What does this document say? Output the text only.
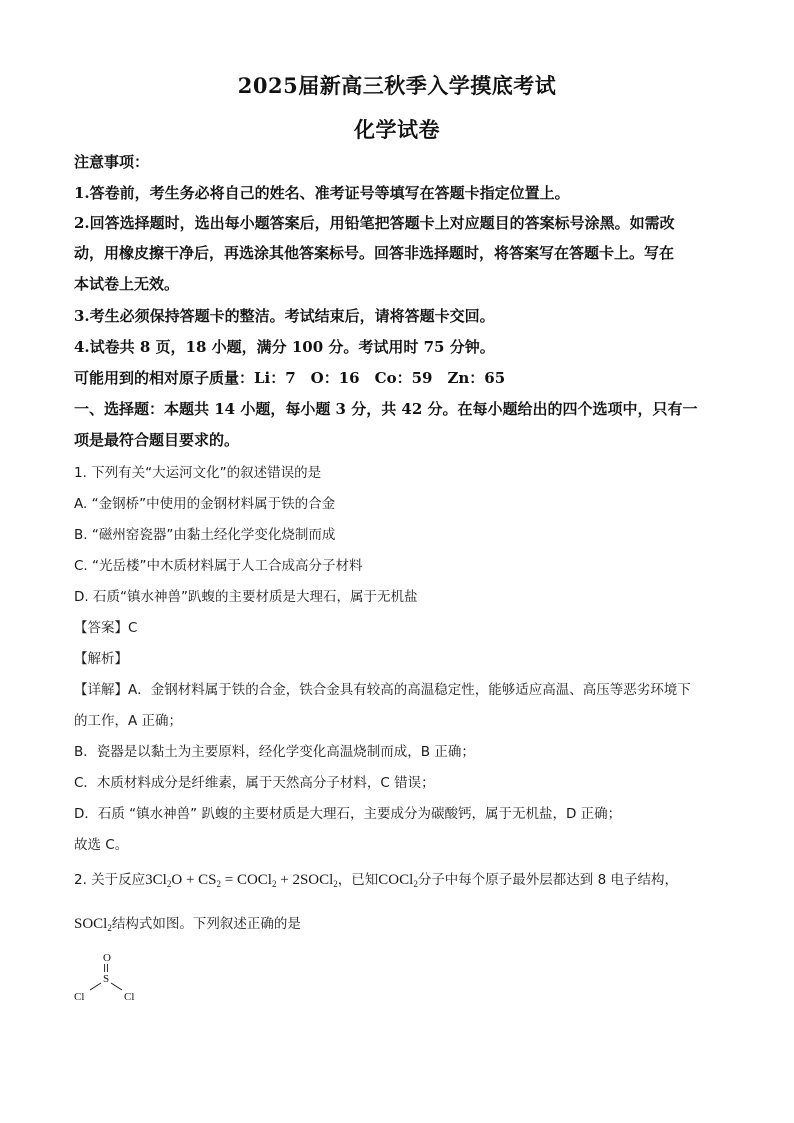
2025届新高三秋季入学摸底考试
化学试卷
注意事项：
1.答卷前，考生务必将自己的姓名、准考证号等填写在答题卡指定位置上。
2.回答选择题时，选出每小题答案后，用铅笔把答题卡上对应题目的答案标号涂黑。如需改
动，用橡皮擦干净后，再选涂其他答案标号。回答非选择题时，将答案写在答题卡上。写在
本试卷上无效。
3.考生必须保持答题卡的整洁。考试结束后，请将答题卡交回。
4.试卷共 8 页，18 小题，满分 100 分。考试用时 75 分钟。
可能用到的相对原子质量：Li：7　O：16　Co：59　Zn：65
一、选择题：本题共 14 小题，每小题 3 分，共 42 分。在每小题给出的四个选项中，只有一
项是最符合题目要求的。
1. 下列有关“大运河文化”的叙述错误的是
A. “金钢桥”中使用的金钢材料属于铁的合金
B. “磁州窑瓷器”由黏土经化学变化烧制而成
C. “光岳楼”中木质材料属于人工合成高分子材料
D. 石质“镇水神兽”趴蝮的主要材质是大理石，属于无机盐
【答案】C
【解析】
【详解】A．金钢材料属于铁的合金，铁合金具有较高的高温稳定性，能够适应高温、高压等恶劣环境下
的工作，A 正确；
B．瓷器是以黏土为主要原料，经化学变化高温烧制而成，B 正确；
C．木质材料成分是纤维素，属于天然高分子材料，C 错误；
D．石质 “镇水神兽” 趴蝮的主要材质是大理石，主要成分为碳酸钙，属于无机盐，D 正确；
故选 C。
2. 关于反应$3Cl_2O + CS_2$ = COCl$_2$ + 2SOCl$_2$，已知COCl$_2$分子中每个原子最外层都达到 8 电子结构，
SOCl$_2$结构式如图。下列叙述正确的是
O
S
Cl	Cl
